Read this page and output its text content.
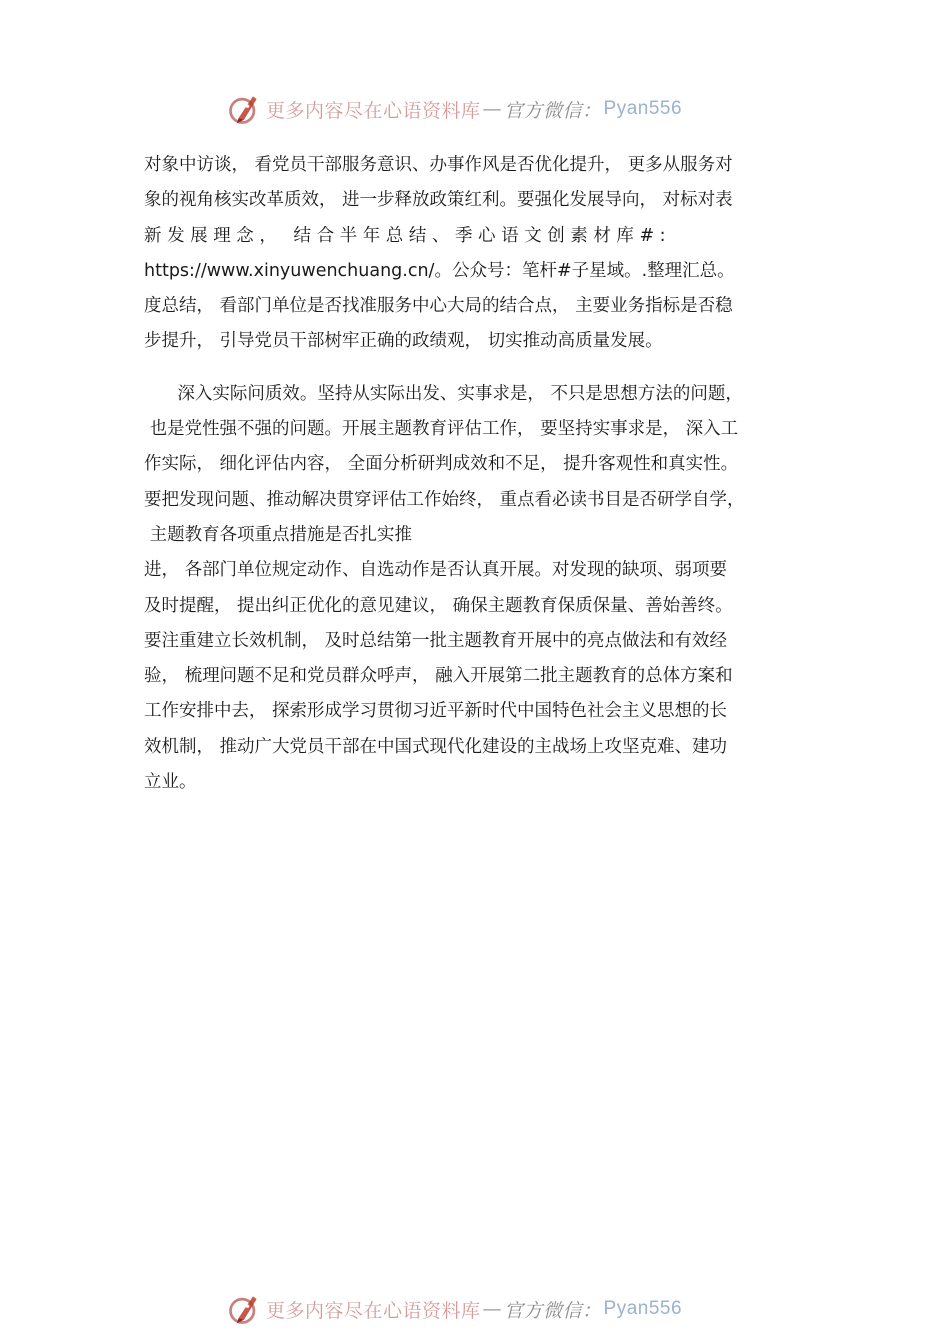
更多内容尽在心语资料库 — 官方微信： Pyan556

对象中访谈， 看党员干部服务意识、办事作风是否优化提升， 更多从服务对
象的视角核实改革质效， 进一步释放政策红利。要强化发展导向， 对标对表
新 发 展 理 念 ，   结 合 半 年 总 结 、 季 心 语 文 创 素 材 库 # :
https://www.xinyuwenchuang.cn/。公众号：笔杆#子星域。.整理汇总。
度总结， 看部门单位是否找准服务中心大局的结合点， 主要业务指标是否稳
步提升， 引导党员干部树牢正确的政绩观， 切实推动高质量发展。

深入实际问质效。坚持从实际出发、实事求是， 不只是思想方法的问题，
也是党性强不强的问题。开展主题教育评估工作， 要坚持实事求是， 深入工
作实际， 细化评估内容， 全面分析研判成效和不足， 提升客观性和真实性。
要把发现问题、推动解决贯穿评估工作始终， 重点看必读书目是否研学自学，
主题教育各项重点措施是否扎实推
进， 各部门单位规定动作、自选动作是否认真开展。对发现的缺项、弱项要
及时提醒， 提出纠正优化的意见建议， 确保主题教育保质保量、善始善终。
要注重建立长效机制， 及时总结第一批主题教育开展中的亮点做法和有效经
验， 梳理问题不足和党员群众呼声， 融入开展第二批主题教育的总体方案和
工作安排中去， 探索形成学习贯彻习近平新时代中国特色社会主义思想的长
效机制， 推动广大党员干部在中国式现代化建设的主战场上攻坚克难、建功
立业。

更多内容尽在心语资料库 — 官方微信： Pyan556
